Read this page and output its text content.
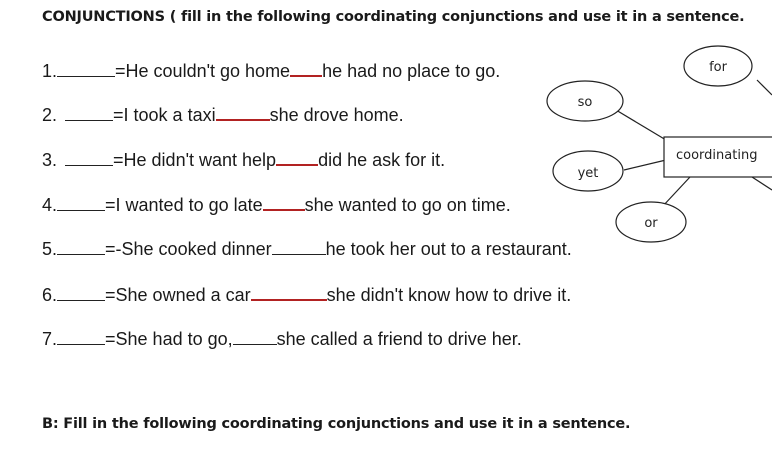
CONJUNCTIONS ( fill in the following coordinating conjunctions and use it in a sentence.
1.	=He couldn't go homehe had no place to go.
2.	=I took a taxi	she drove home.
3.	=He didn't want helpdid he ask for it.
4.	=I wanted to go lateshe wanted to go on time.
5.	=-She cooked dinner	he took her out to a restaurant.
6.	=She owned a car	she didn't know how to drive it.
7.	=She had to go,she called a friend to drive her.
for
so
yet
or
coordinating
B: Fill in the following coordinating conjunctions and use it in a sentence.
